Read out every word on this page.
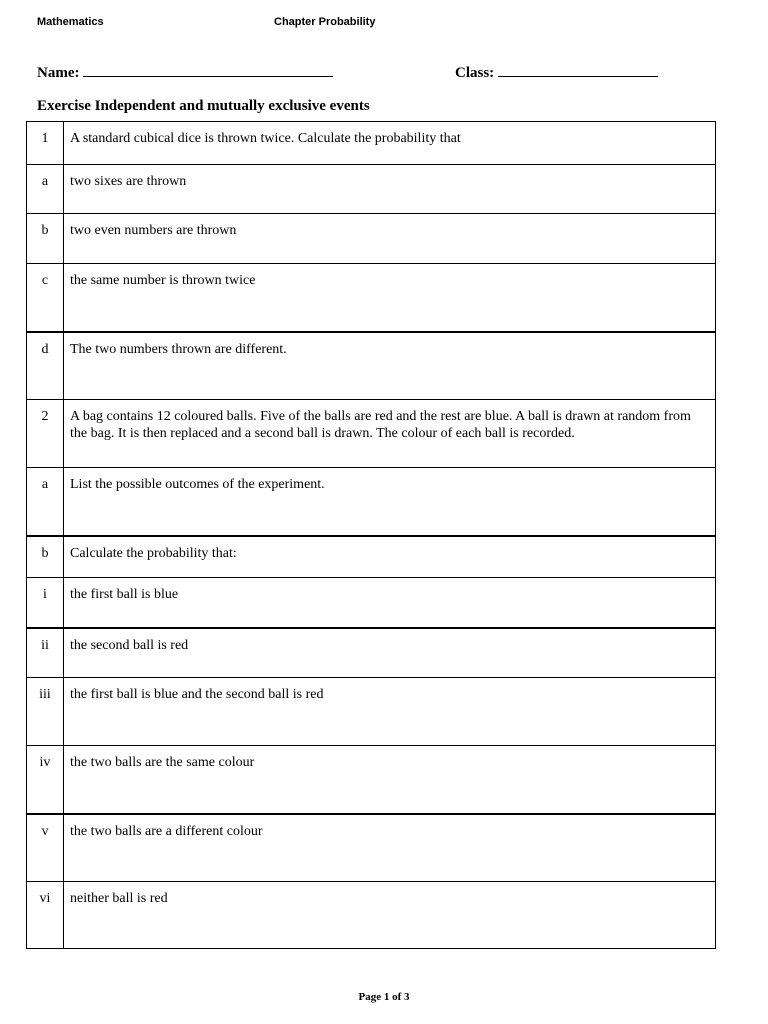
Mathematics	Chapter Probability
Name:	Class:
Exercise Independent and mutually exclusive events
1	A standard cubical dice is thrown twice. Calculate the probability that
a	two sixes are thrown
b	two even numbers are thrown
c	the same number is thrown twice
d	The two numbers thrown are different.
2	A bag contains 12 coloured balls. Five of the balls are red and the rest are blue. A ball is drawn at random from the bag. It is then replaced and a second ball is drawn. The colour of each ball is recorded.
a	List the possible outcomes of the experiment.
b	Calculate the probability that:
i	the first ball is blue
ii	the second ball is red
iii	the first ball is blue and the second ball is red
iv	the two balls are the same colour
v	the two balls are a different colour
vi	neither ball is red
Page 1 of 3
